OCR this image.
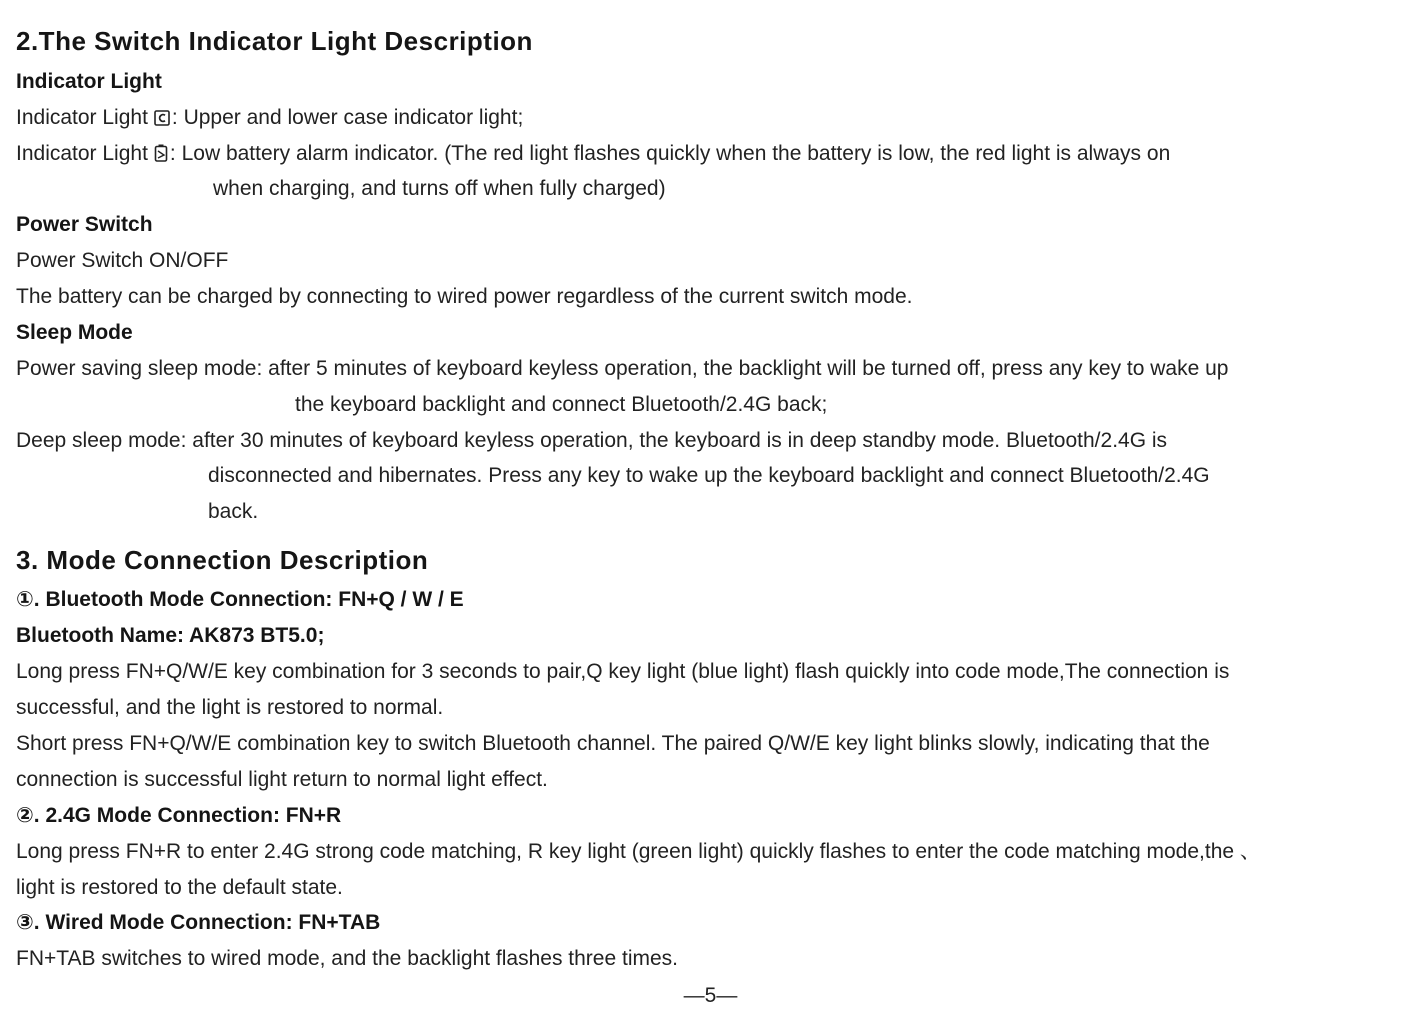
2.The Switch Indicator Light Description
Indicator Light
Indicator Light : Upper and lower case indicator light;
Indicator Light : Low battery alarm indicator. (The red light flashes quickly when the battery is low, the red light is always on
when charging, and turns off when fully charged)
Power Switch
Power Switch ON/OFF
The battery can be charged by connecting to wired power regardless of the current switch mode.
Sleep Mode
Power saving sleep mode: after 5 minutes of keyboard keyless operation, the backlight will be turned off, press any key to wake up
the keyboard backlight and connect Bluetooth/2.4G back;
Deep sleep mode: after 30 minutes of keyboard keyless operation, the keyboard is in deep standby mode. Bluetooth/2.4G is
disconnected and hibernates. Press any key to wake up the keyboard backlight and connect Bluetooth/2.4G
back.
3. Mode Connection Description
①. Bluetooth Mode Connection: FN+Q / W / E
Bluetooth Name: AK873 BT5.0;
Long press FN+Q/W/E key combination for 3 seconds to pair,Q key light (blue light) flash quickly into code mode,The connection is
successful, and the light is restored to normal.
Short press FN+Q/W/E combination key to switch Bluetooth channel. The paired Q/W/E key light blinks slowly, indicating that the
connection is successful light return to normal light effect.
②. 2.4G Mode Connection: FN+R
Long press FN+R to enter 2.4G strong code matching, R key light (green light) quickly flashes to enter the code matching mode,the 、
light is restored to the default state.
③. Wired Mode Connection: FN+TAB
FN+TAB switches to wired mode, and the backlight flashes three times.
—5—
